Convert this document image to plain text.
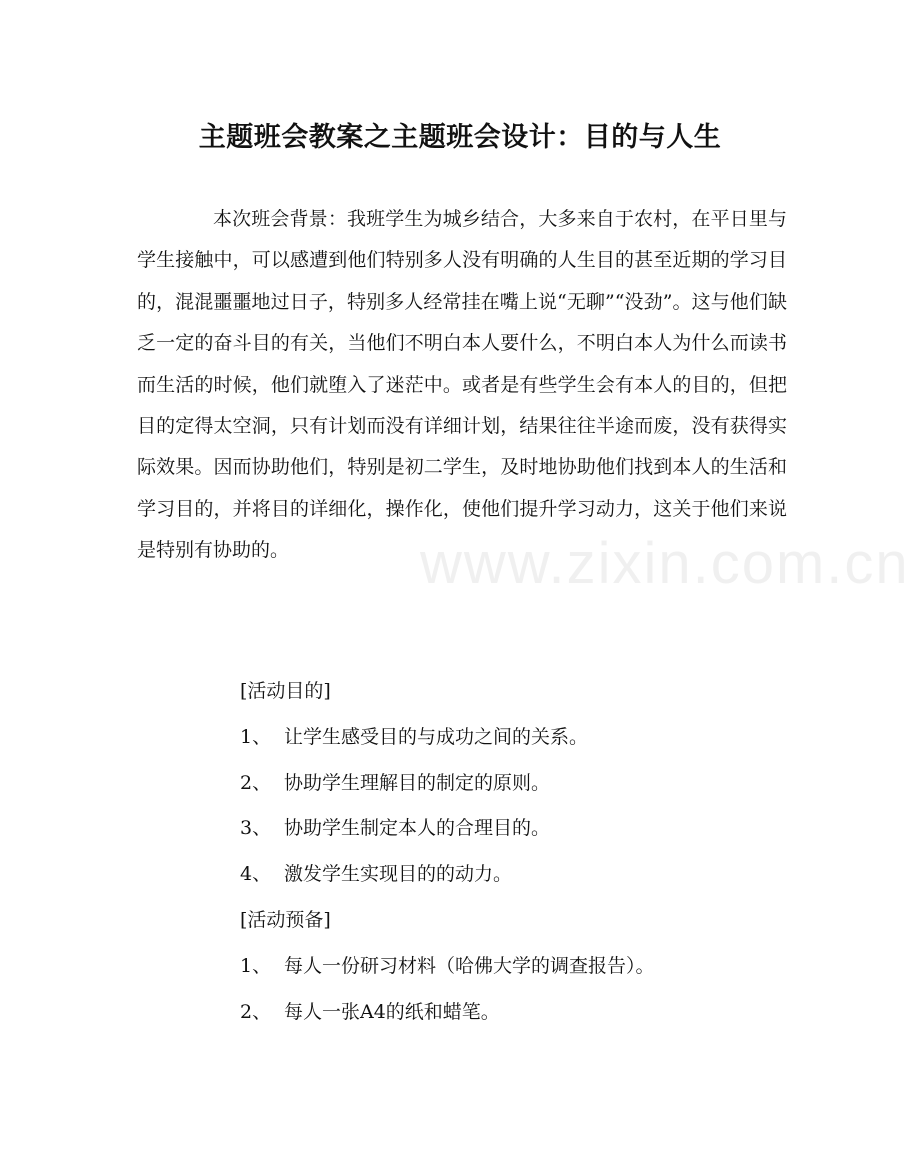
主题班会教案之主题班会设计：目的与人生

本次班会背景：我班学生为城乡结合，大多来自于农村，在平日里与学生接触中，可以感遭到他们特别多人没有明确的人生目的甚至近期的学习目的，混混噩噩地过日子，特别多人经常挂在嘴上说“无聊”“没劲”。这与他们缺乏一定的奋斗目的有关，当他们不明白本人要什么，不明白本人为什么而读书而生活的时候，他们就堕入了迷茫中。或者是有些学生会有本人的目的，但把目的定得太空洞，只有计划而没有详细计划，结果往往半途而废，没有获得实际效果。因而协助他们，特别是初二学生，及时地协助他们找到本人的生活和学习目的，并将目的详细化，操作化，使他们提升学习动力，这关于他们来说是特别有协助的。	www.zixin.com.cn
[活动目的]
1、 让学生感受目的与成功之间的关系。
2、 协助学生理解目的制定的原则。
3、 协助学生制定本人的合理目的。
4、 激发学生实现目的的动力。
[活动预备]
1、 每人一份研习材料（哈佛大学的调查报告）。
2、 每人一张A4的纸和蜡笔。
